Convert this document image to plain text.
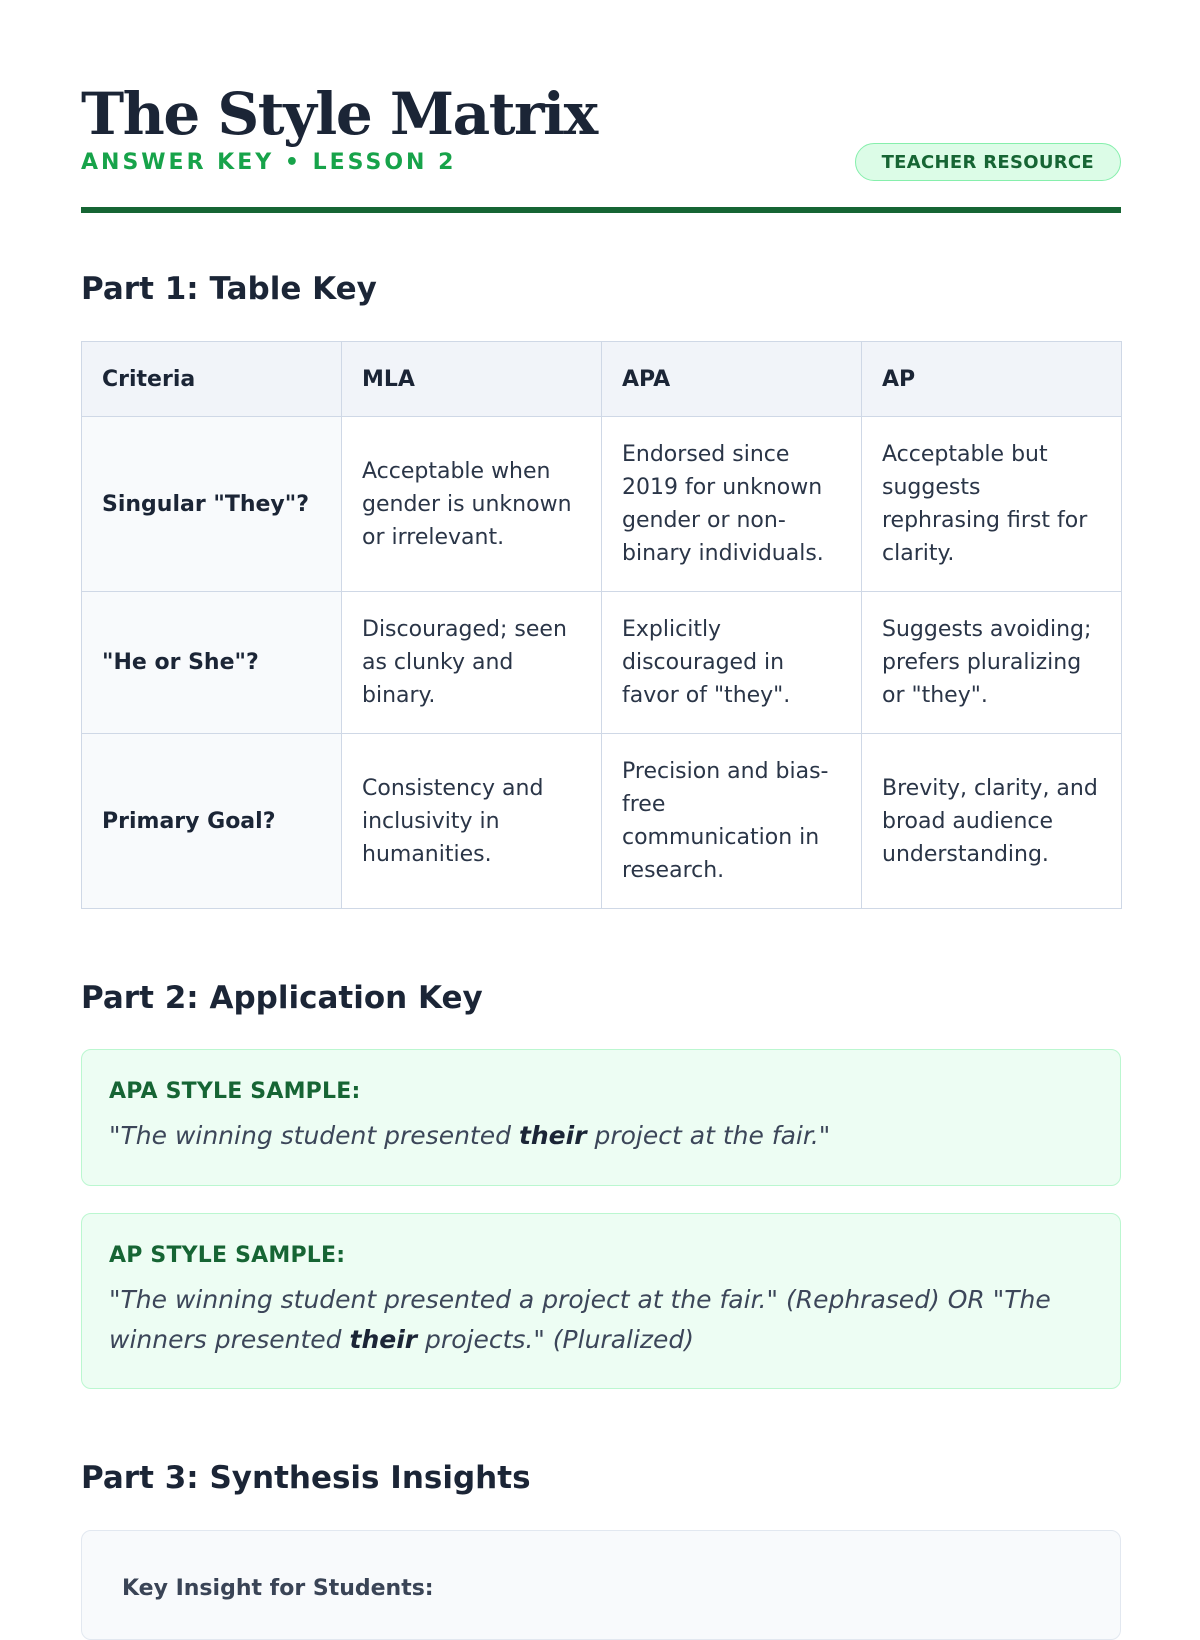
The Style Matrix
ANSWER KEY • LESSON 2	TEACHER RESOURCE
Part 1: Table Key
Criteria	MLA	APA	AP
Singular "They"?	Acceptable when gender is unknown or irrelevant.	Endorsed since 2019 for unknown gender or non-binary individuals.	Acceptable but suggests rephrasing first for clarity.
"He or She"?	Discouraged; seen as clunky and binary.	Explicitly discouraged in favor of "they".	Suggests avoiding; prefers pluralizing or "they".
Primary Goal?	Consistency and inclusivity in humanities.	Precision and bias-free communication in research.	Brevity, clarity, and broad audience understanding.
Part 2: Application Key
APA STYLE SAMPLE:
"The winning student presented their project at the fair."
AP STYLE SAMPLE:
"The winning student presented a project at the fair." (Rephrased) OR "The winners presented their projects." (Pluralized)
Part 3: Synthesis Insights
Key Insight for Students:
